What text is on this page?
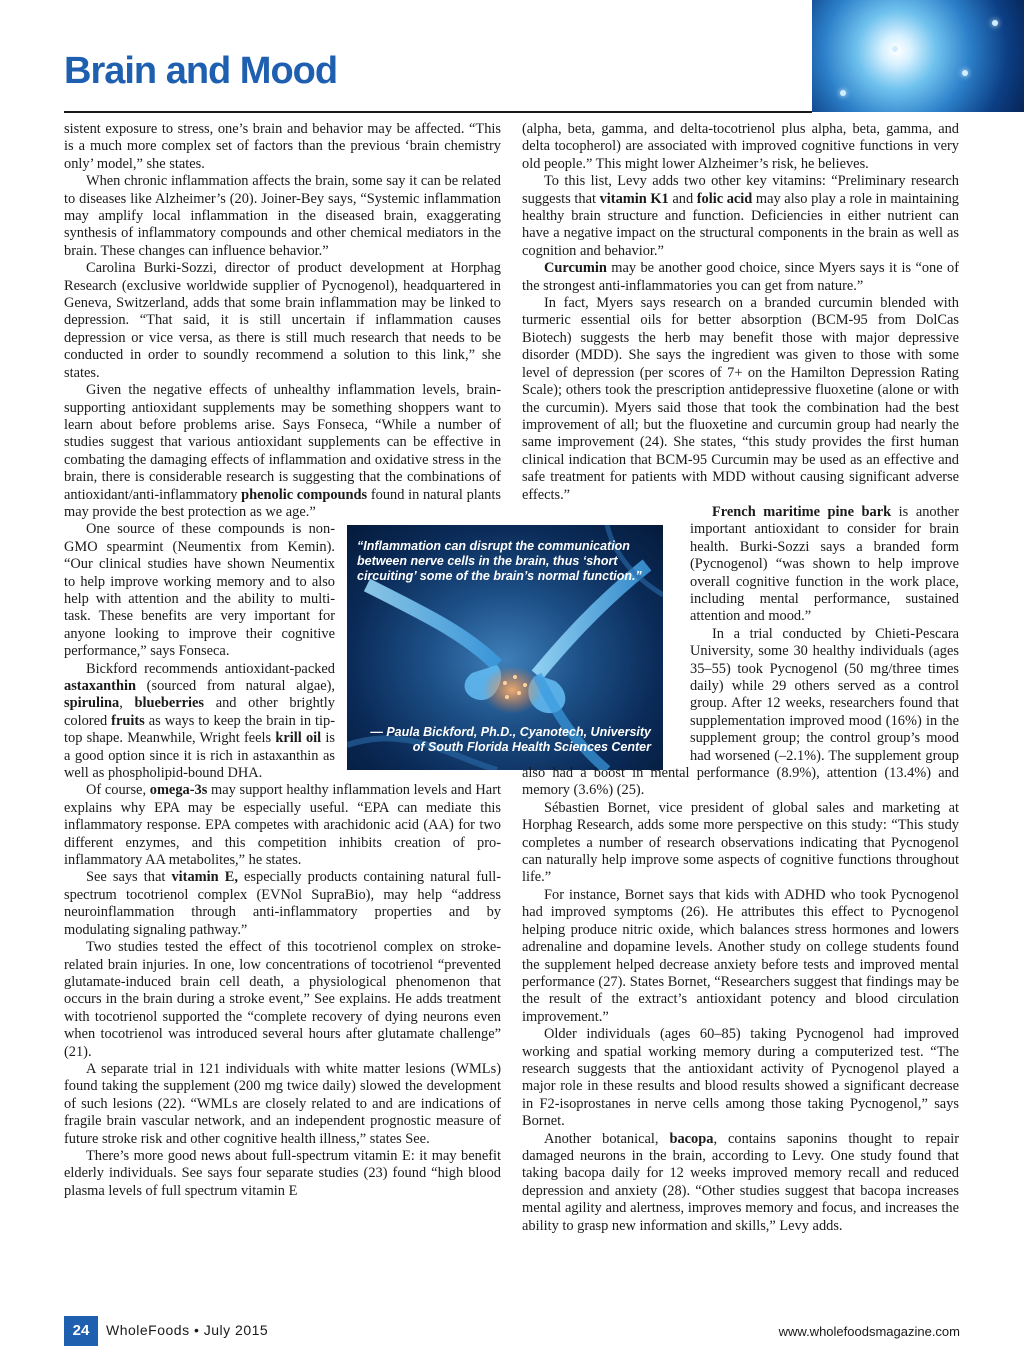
Brain and Mood

sistent exposure to stress, one’s brain and behavior may be affected. “This is a much more complex set of factors than the previous ‘brain chemistry only’ model,” she states.

When chronic inflammation affects the brain, some say it can be related to diseases like Alzheimer’s (20). Joiner-Bey says, “Systemic inflammation may amplify local inflammation in the diseased brain, exaggerating synthesis of inflammatory compounds and other chemical mediators in the brain. These changes can influence behavior.”

Carolina Burki-Sozzi, director of product development at Horphag Research (exclusive worldwide supplier of Pycnogenol), headquartered in Geneva, Switzerland, adds that some brain inflammation may be linked to depression. “That said, it is still uncertain if inflammation causes depression or vice versa, as there is still much research that needs to be conducted in order to soundly recommend a solution to this link,” she states.

Given the negative effects of unhealthy inflammation levels, brain-supporting antioxidant supplements may be something shoppers want to learn about before problems arise. Says Fonseca, “While a number of studies suggest that various antioxidant supplements can be effective in combating the damaging effects of inflammation and oxidative stress in the brain, there is considerable research is suggesting that the combinations of antioxidant/anti-inflammatory phenolic compounds found in natural plants may provide the best protection as we age.”

“Inflammation can disrupt the communication between nerve cells in the brain, thus ‘short circuiting’ some of the brain’s normal function.”
— Paula Bickford, Ph.D., Cyanotech, University
of South Florida Health Sciences Center

One source of these compounds is non-GMO spearmint (Neumentix from Kemin). “Our clinical studies have shown Neumentix to help improve working memory and to also help with attention and the ability to multi-task. These benefits are very important for anyone looking to improve their cognitive performance,” says Fonseca.

Bickford recommends antioxidant-packed astaxanthin (sourced from natural algae), spirulina, blueberries and other brightly colored fruits as ways to keep the brain in tip-top shape. Meanwhile, Wright feels krill oil is a good option since it is rich in astaxanthin as well as phospholipid-bound DHA.

Of course, omega-3s may support healthy inflammation levels and Hart explains why EPA may be especially useful. “EPA can mediate this inflammatory response. EPA competes with arachidonic acid (AA) for two different enzymes, and this competition inhibits creation of pro-inflammatory AA metabolites,” he states.

See says that vitamin E, especially products containing natural full-spectrum tocotrienol complex (EVNol SupraBio), may help “address neuroinflammation through anti-inflammatory properties and by modulating signaling pathway.”

Two studies tested the effect of this tocotrienol complex on stroke-related brain injuries. In one, low concentrations of tocotrienol “prevented glutamate-induced brain cell death, a physiological phenomenon that occurs in the brain during a stroke event,” See explains. He adds treatment with tocotrienol supported the “complete recovery of dying neurons even when tocotrienol was introduced several hours after glutamate challenge” (21).

A separate trial in 121 individuals with white matter lesions (WMLs) found taking the supplement (200 mg twice daily) slowed the development of such lesions (22). “WMLs are closely related to and are indications of fragile brain vascular network, and an independent prognostic measure of future stroke risk and other cognitive health illness,” states See.

There’s more good news about full-spectrum vitamin E: it may benefit elderly individuals. See says four separate studies (23) found “high blood plasma levels of full spectrum vitamin E

(alpha, beta, gamma, and delta-tocotrienol plus alpha, beta, gamma, and delta tocopherol) are associated with improved cognitive functions in very old people.” This might lower Alzheimer’s risk, he believes.

To this list, Levy adds two other key vitamins: “Preliminary research suggests that vitamin K1 and folic acid may also play a role in maintaining healthy brain structure and function. Deficiencies in either nutrient can have a negative impact on the structural components in the brain as well as cognition and behavior.”

Curcumin may be another good choice, since Myers says it is “one of the strongest anti-inflammatories you can get from nature.”

In fact, Myers says research on a branded curcumin blended with turmeric essential oils for better absorption (BCM-95 from DolCas Biotech) suggests the herb may benefit those with major depressive disorder (MDD). She says the ingredient was given to those with some level of depression (per scores of 7+ on the Hamilton Depression Rating Scale); others took the prescription antidepressive fluoxetine (alone or with the curcumin). Myers said those that took the combination had the best improvement of all; but the fluoxetine and curcumin group had nearly the same improvement (24). She states, “this study provides the first human clinical indication that BCM-95 Curcumin may be used as an effective and safe treatment for patients with MDD without causing significant adverse effects.”

French maritime pine bark is another important antioxidant to consider for brain health. Burki-Sozzi says a branded form (Pycnogenol) “was shown to help improve overall cognitive function in the work place, including mental performance, sustained attention and mood.”

In a trial conducted by Chieti-Pescara University, some 30 healthy individuals (ages 35–55) took Pycnogenol (50 mg/three times daily) while 29 others served as a control group. After 12 weeks, researchers found that supplementation improved mood (16%) in the supplement group; the control group’s mood had worsened (–2.1%). The supplement group also had a boost in mental performance (8.9%), attention (13.4%) and memory (3.6%) (25).

Sébastien Bornet, vice president of global sales and marketing at Horphag Research, adds some more perspective on this study: “This study completes a number of research observations indicating that Pycnogenol can naturally help improve some aspects of cognitive functions throughout life.”

For instance, Bornet says that kids with ADHD who took Pycnogenol had improved symptoms (26). He attributes this effect to Pycnogenol helping produce nitric oxide, which balances stress hormones and lowers adrenaline and dopamine levels. Another study on college students found the supplement helped decrease anxiety before tests and improved mental performance (27). States Bornet, “Researchers suggest that findings may be the result of the extract’s antioxidant potency and blood circulation improvement.”

Older individuals (ages 60–85) taking Pycnogenol had improved working and spatial working memory during a computerized test. “The research suggests that the antioxidant activity of Pycnogenol played a major role in these results and blood results showed a significant decrease in F2-isoprostanes in nerve cells among those taking Pycnogenol,” says Bornet.

Another botanical, bacopa, contains saponins thought to repair damaged neurons in the brain, according to Levy. One study found that taking bacopa daily for 12 weeks improved memory recall and reduced depression and anxiety (28). “Other studies suggest that bacopa increases mental agility and alertness, improves memory and focus, and increases the ability to grasp new information and skills,” Levy adds.

24	WholeFoods • July 2015	www.wholefoodsmagazine.com
